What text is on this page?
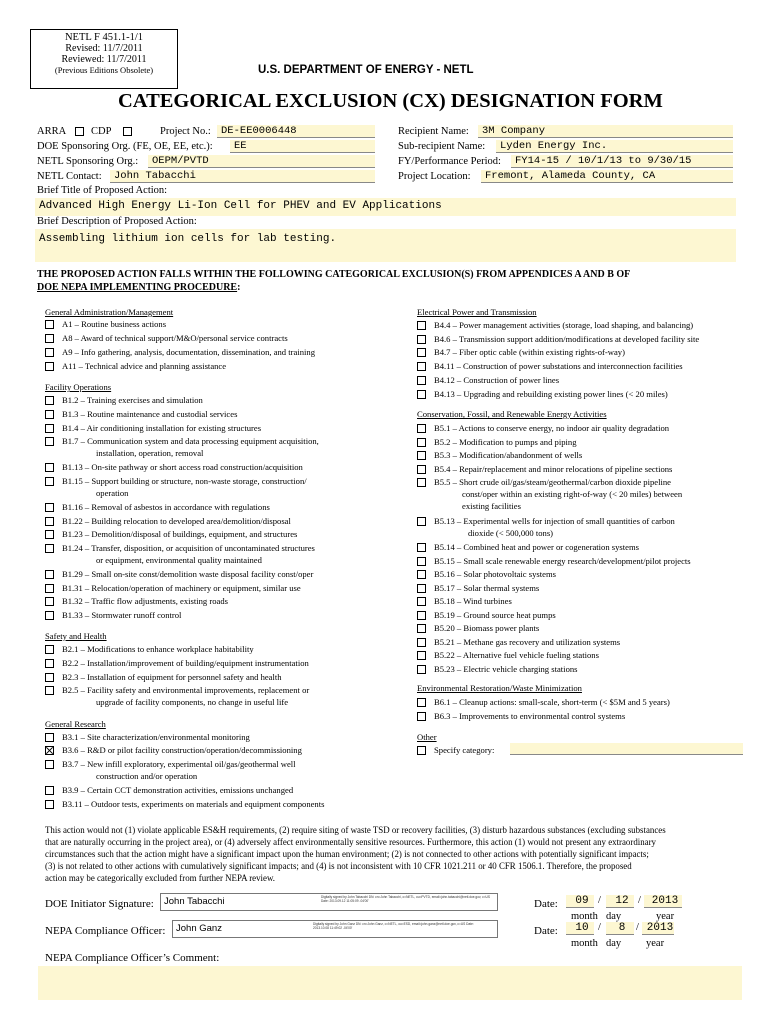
NETL F 451.1-1/1
Revised: 11/7/2011
Reviewed: 11/7/2011
(Previous Editions Obsolete)	U.S. DEPARTMENT OF ENERGY - NETL
CATEGORICAL EXCLUSION (CX) DESIGNATION FORM
ARRA CDP	Project No.: DE-EE0006448
DOE Sponsoring Org. (FE, OE, EE, etc.):	EE
NETL Sponsoring Org.:	OEPM/PVTD
NETL Contact:	John Tabacchi
Recipient Name:	3M Company
Sub-recipient Name:	Lyden Energy Inc.
FY/Performance Period:	FY14-15 / 10/1/13 to 9/30/15
Project Location:	Fremont, Alameda County, CA
Brief Title of Proposed Action:
Advanced High Energy Li-Ion Cell for PHEV and EV Applications
Brief Description of Proposed Action:
Assembling lithium ion cells for lab testing.
THE PROPOSED ACTION FALLS WITHIN THE FOLLOWING CATEGORICAL EXCLUSION(S) FROM APPENDICES A AND B OF
DOE NEPA IMPLEMENTING PROCEDURE:
General Administration/Management
A1 – Routine business actions
A8 – Award of technical support/M&O/personal service contracts
A9 – Info gathering, analysis, documentation, dissemination, and training
A11 – Technical advice and planning assistance
Facility Operations
B1.2 – Training exercises and simulation
B1.3 – Routine maintenance and custodial services
B1.4 – Air conditioning installation for existing structures
B1.7 – Communication system and data processing equipment acquisition,
installation, operation, removal
B1.13 – On-site pathway or short access road construction/acquisition
B1.15 – Support building or structure, non-waste storage, construction/
operation
B1.16 – Removal of asbestos in accordance with regulations
B1.22 – Building relocation to developed area/demolition/disposal
B1.23 – Demolition/disposal of buildings, equipment, and structures
B1.24 – Transfer, disposition, or acquisition of uncontaminated structures
or equipment, environmental quality maintained
B1.29 – Small on-site const/demolition waste disposal facility const/oper
B1.31 – Relocation/operation of machinery or equipment, similar use
B1.32 – Traffic flow adjustments, existing roads
B1.33 – Stormwater runoff control
Safety and Health
B2.1 – Modifications to enhance workplace habitability
B2.2 – Installation/improvement of building/equipment instrumentation
B2.3 – Installation of equipment for personnel safety and health
B2.5 – Facility safety and environmental improvements, replacement or
upgrade of facility components, no change in useful life
General Research
B3.1 – Site characterization/environmental monitoring
B3.6 – R&D or pilot facility construction/operation/decommissioning
B3.7 – New infill exploratory, experimental oil/gas/geothermal well
construction and/or operation
B3.9 – Certain CCT demonstration activities, emissions unchanged
B3.11 – Outdoor tests, experiments on materials and equipment components
Electrical Power and Transmission
B4.4 – Power management activities (storage, load shaping, and balancing)
B4.6 – Transmission support addition/modifications at developed facility site
B4.7 – Fiber optic cable (within existing rights-of-way)
B4.11 – Construction of power substations and interconnection facilities
B4.12 – Construction of power lines
B4.13 – Upgrading and rebuilding existing power lines (< 20 miles)
Conservation, Fossil, and Renewable Energy Activities
B5.1 – Actions to conserve energy, no indoor air quality degradation
B5.2 – Modification to pumps and piping
B5.3 – Modification/abandonment of wells
B5.4 – Repair/replacement and minor relocations of pipeline sections
B5.5 – Short crude oil/gas/steam/geothermal/carbon dioxide pipeline
const/oper within an existing right-of-way (< 20 miles) between
existing facilities
B5.13 – Experimental wells for injection of small quantities of carbon
dioxide (< 500,000 tons)
B5.14 – Combined heat and power or cogeneration systems
B5.15 – Small scale renewable energy research/development/pilot projects
B5.16 – Solar photovoltaic systems
B5.17 – Solar thermal systems
B5.18 – Wind turbines
B5.19 – Ground source heat pumps
B5.20 – Biomass power plants
B5.21 – Methane gas recovery and utilization systems
B5.22 – Alternative fuel vehicle fueling stations
B5.23 – Electric vehicle charging stations
Environmental Restoration/Waste Minimization
B6.1 – Cleanup actions: small-scale, short-term (< $5M and 5 years)
B6.3 – Improvements to environmental control systems
Other
Specify category:
This action would not (1) violate applicable ES&H requirements, (2) require siting of waste TSD or recovery facilities, (3) disturb hazardous substances (excluding substances
that are naturally occurring in the project area), or (4) adversely affect environmentally sensitive resources. Furthermore, this action (1) would not present any extraordinary
circumstances such that the action might have a significant impact upon the human environment; (2) is not connected to other actions with potentially significant impacts;
(3) is not related to other actions with cumulatively significant impacts; and (4) is not inconsistent with 10 CFR 1021.211 or 40 CFR 1506.1. Therefore, the proposed
action may be categorically excluded from further NEPA review.
DOE Initiator Signature: John Tabacchi	Digitally signed by John Tabacchi DN: cn=John Tabacchi, o=NETL, ou=PVTD, email=john.tabacchi@netl.doe.gov, c=US Date: 2013.09.12 11:05:09 -04'00'
NEPA Compliance Officer: John Ganz	Digitally signed by John Ganz DN: cn=John Ganz, o=NETL, ou=ESD, email=john.ganz@netl.doe.gov, c=US Date: 2013.10.08 11:49:02 -04'00'
Date:	09 /	12 / 2013
month day	year
Date:	10 /	8	/ 2013
month day year
NEPA Compliance Officer’s Comment:
